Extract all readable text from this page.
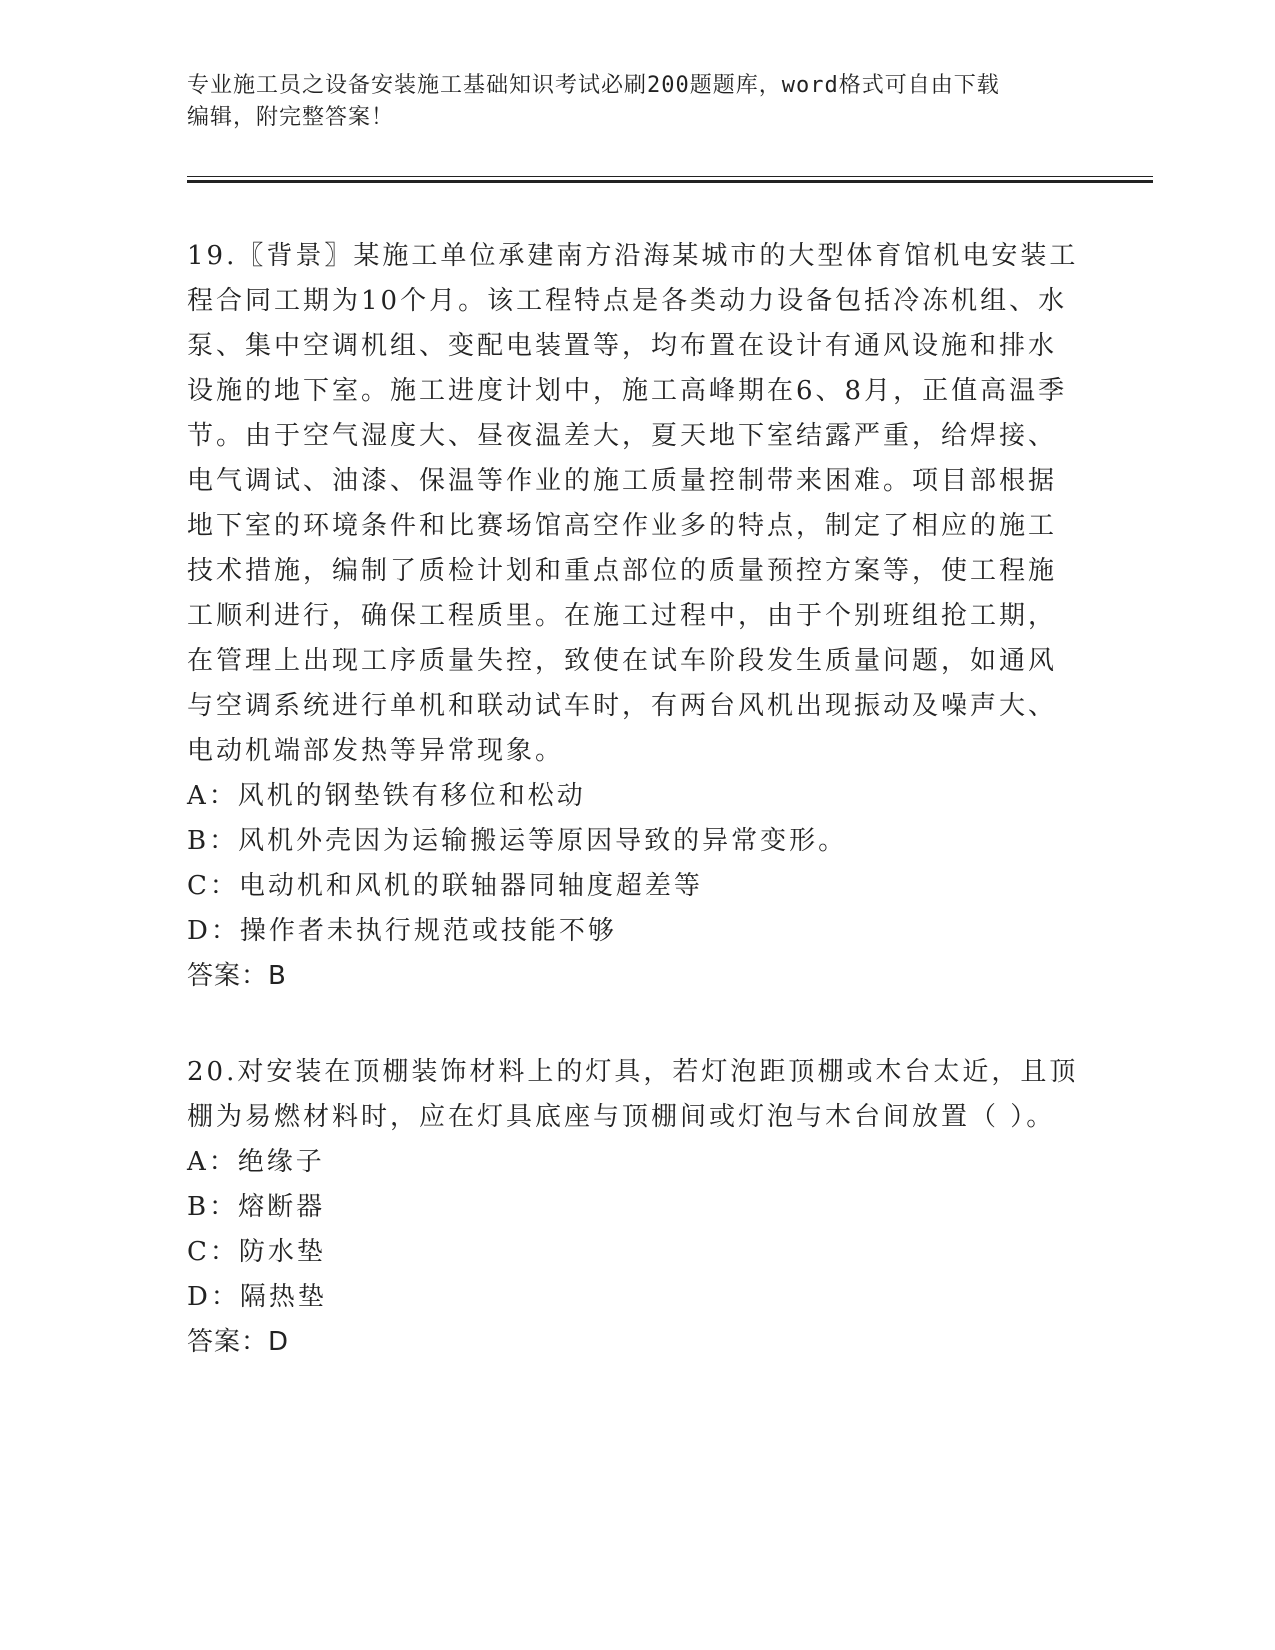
专业施工员之设备安装施工基础知识考试必刷200题题库，word格式可自由下载
编辑，附完整答案！
19.〖背景〗某施工单位承建南方沿海某城市的大型体育馆机电安装工
程合同工期为10个月。该工程特点是各类动力设备包括冷冻机组、水
泵、集中空调机组、变配电装置等，均布置在设计有通风设施和排水
设施的地下室。施工进度计划中，施工高峰期在6、8月，正值高温季
节。由于空气湿度大、昼夜温差大，夏天地下室结露严重，给焊接、
电气调试、油漆、保温等作业的施工质量控制带来困难。项目部根据
地下室的环境条件和比赛场馆高空作业多的特点，制定了相应的施工
技术措施，编制了质检计划和重点部位的质量预控方案等，使工程施
工顺利进行，确保工程质里。在施工过程中，由于个别班组抢工期，
在管理上出现工序质量失控，致使在试车阶段发生质量问题，如通风
与空调系统进行单机和联动试车时，有两台风机出现振动及噪声大、
电动机端部发热等异常现象。
A：风机的钢垫铁有移位和松动
B：风机外壳因为运输搬运等原因导致的异常变形。
C：电动机和风机的联轴器同轴度超差等
D：操作者未执行规范或技能不够
答案：B
20.对安装在顶棚装饰材料上的灯具，若灯泡距顶棚或木台太近，且顶
棚为易燃材料时，应在灯具底座与顶棚间或灯泡与木台间放置（ ）。
A：绝缘子
B：熔断器
C：防水垫
D：隔热垫
答案：D
